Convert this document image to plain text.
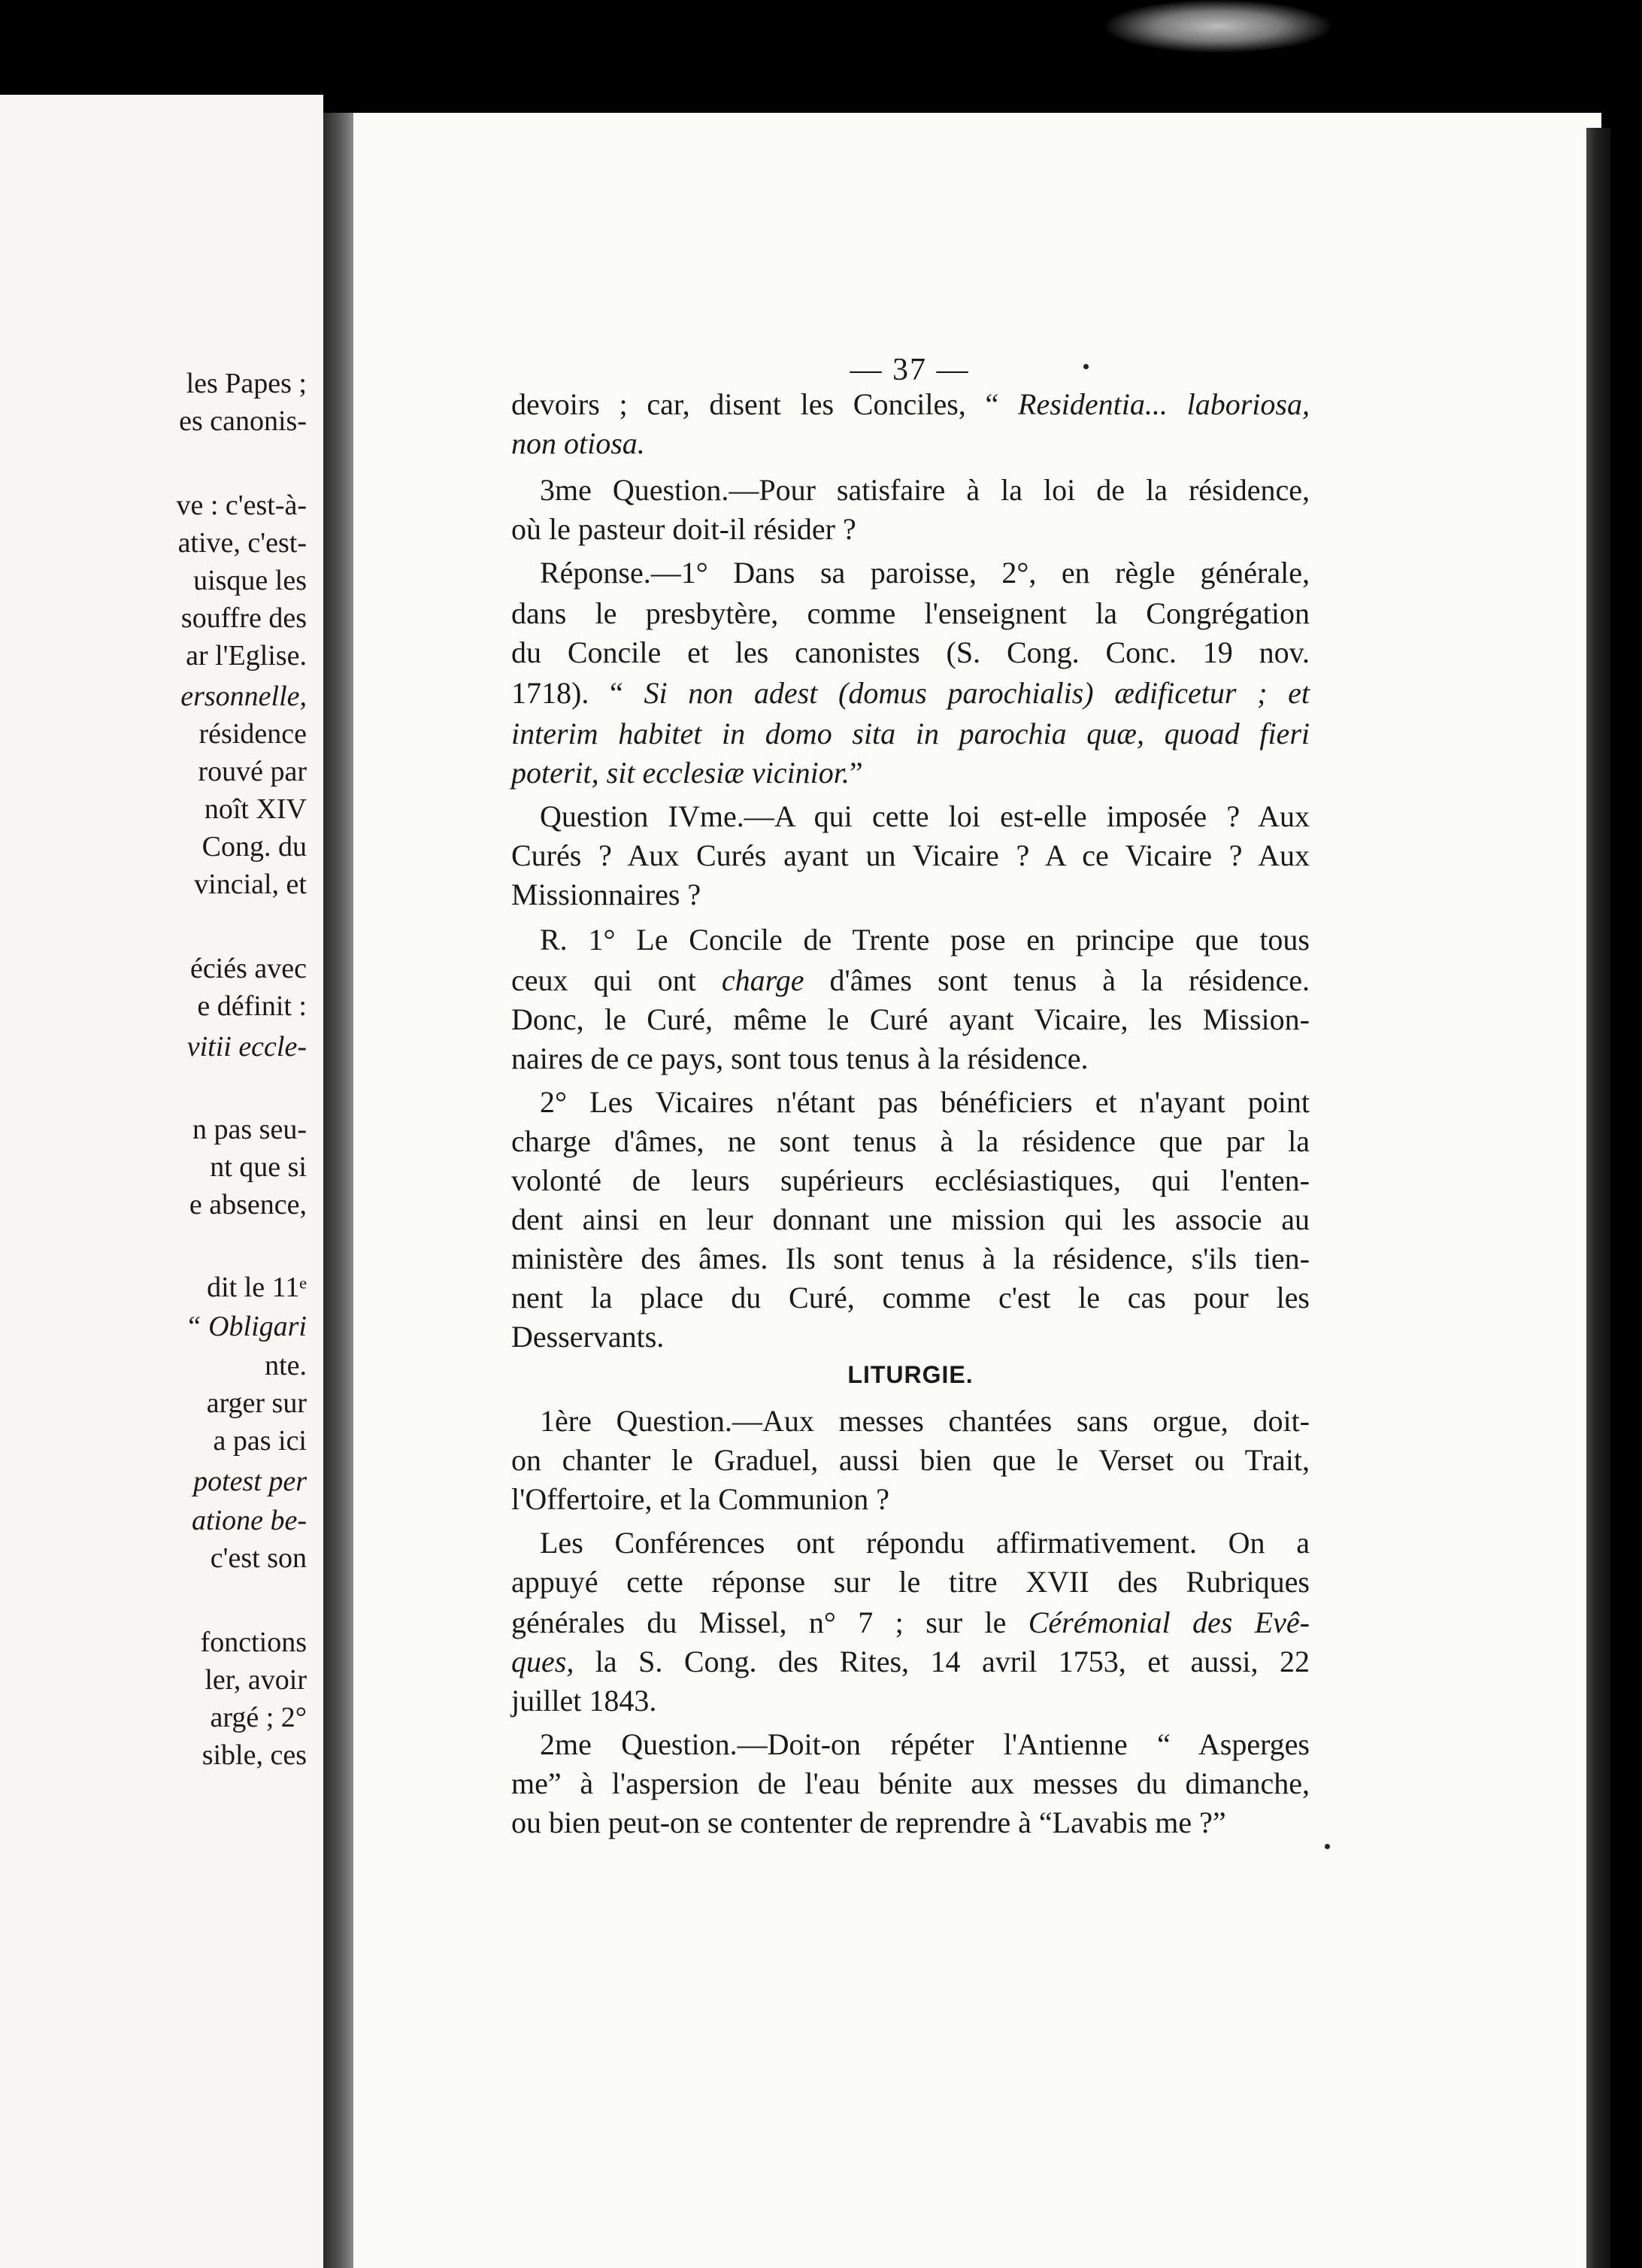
les Papes ;
es canonis-
ve : c'est-à-
ative, c'est-
uisque les
souffre des
ar l'Eglise.
ersonnelle,
résidence
rouvé par
noît XIV
Cong. du
vincial, et
éciés avec
e définit :
vitii eccle-
n pas seu-
nt que si
e absence,
dit le 11ᵉ
“ Obligari
nte.
arger sur
a pas ici
potest per
atione be-
c'est son
fonctions
ler, avoir
argé ; 2°
sible, ces
— 37 —
devoirs ; car, disent les Conciles, “ Residentia... laboriosa,
non otiosa.
3me Question.—Pour satisfaire à la loi de la résidence,
où le pasteur doit-il résider ?
Réponse.—1° Dans sa paroisse, 2°, en règle générale,
dans le presbytère, comme l'enseignent la Congrégation
du Concile et les canonistes (S. Cong. Conc. 19 nov.
1718). “ Si non adest (domus parochialis) ædificetur ; et
interim habitet in domo sita in parochia quæ, quoad fieri
poterit, sit ecclesiæ vicinior.”
Question IVme.—A qui cette loi est-elle imposée ? Aux
Curés ? Aux Curés ayant un Vicaire ? A ce Vicaire ? Aux
Missionnaires ?
R. 1° Le Concile de Trente pose en principe que tous
ceux qui ont charge d'âmes sont tenus à la résidence.
Donc, le Curé, même le Curé ayant Vicaire, les Mission-
naires de ce pays, sont tous tenus à la résidence.
2° Les Vicaires n'étant pas bénéficiers et n'ayant point
charge d'âmes, ne sont tenus à la résidence que par la
volonté de leurs supérieurs ecclésiastiques, qui l'enten-
dent ainsi en leur donnant une mission qui les associe au
ministère des âmes. Ils sont tenus à la résidence, s'ils tien-
nent la place du Curé, comme c'est le cas pour les
Desservants.
LITURGIE.
1ère Question.—Aux messes chantées sans orgue, doit-
on chanter le Graduel, aussi bien que le Verset ou Trait,
l'Offertoire, et la Communion ?
Les Conférences ont répondu affirmativement. On a
appuyé cette réponse sur le titre XVII des Rubriques
générales du Missel, n° 7 ; sur le Cérémonial des Evê-
ques, la S. Cong. des Rites, 14 avril 1753, et aussi, 22
juillet 1843.
2me Question.—Doit-on répéter l'Antienne “ Asperges
me” à l'aspersion de l'eau bénite aux messes du dimanche,
ou bien peut-on se contenter de reprendre à “Lavabis me ?”
